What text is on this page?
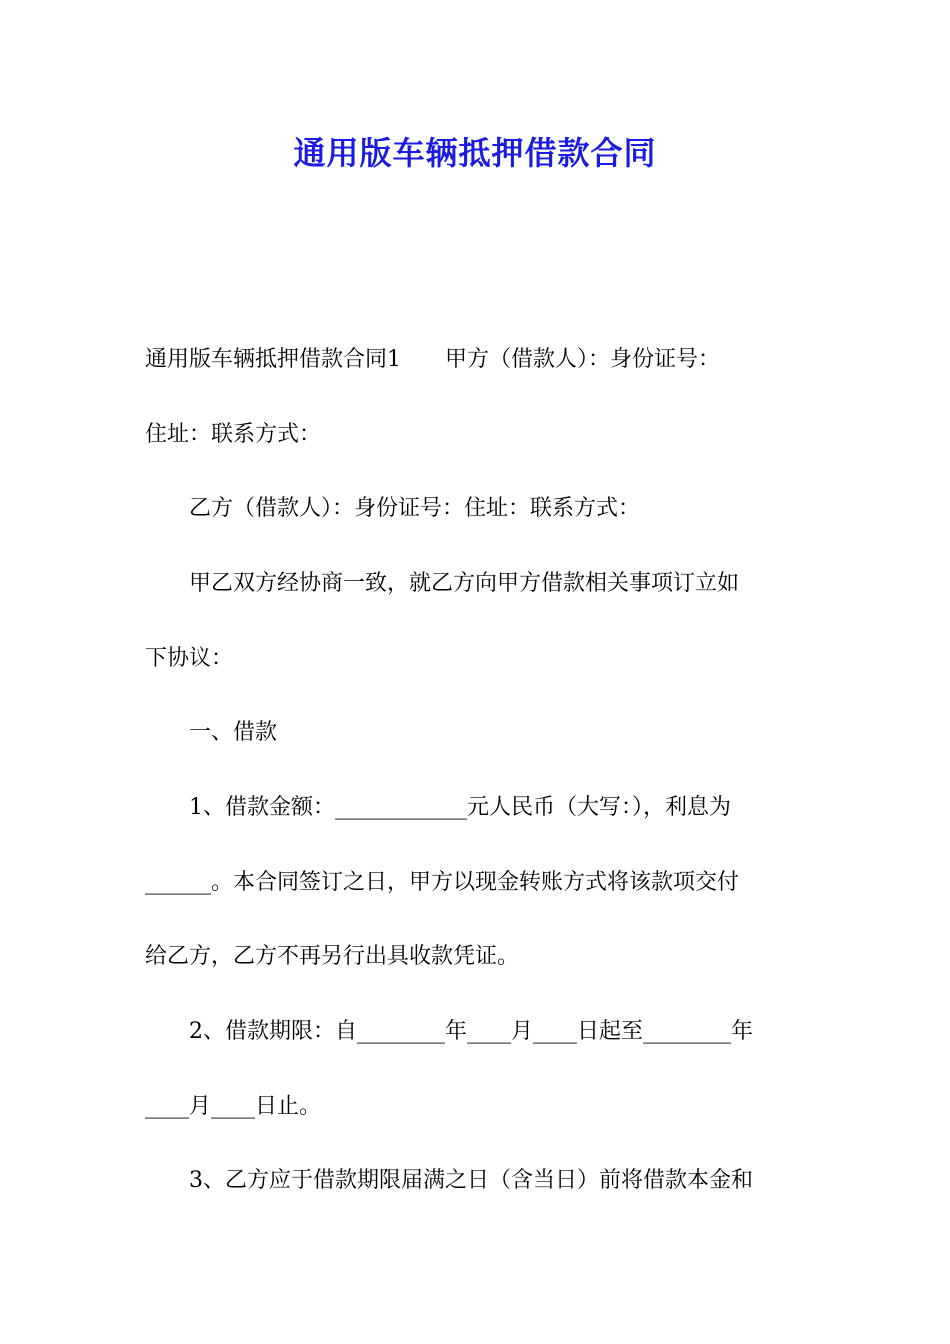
通用版车辆抵押借款合同

通用版车辆抵押借款合同1　　甲方（借款人）：身份证号：

住址：联系方式：

　　乙方（借款人）：身份证号：住址：联系方式：

　　甲乙双方经协商一致，就乙方向甲方借款相关事项订立如

下协议：

　　一、借款

　　1、借款金额：____________元人民币（大写：），利息为

______。本合同签订之日，甲方以现金转账方式将该款项交付

给乙方，乙方不再另行出具收款凭证。

　　2、借款期限：自________年____月____日起至________年

____月____日止。

　　3、乙方应于借款期限届满之日（含当日）前将借款本金和
